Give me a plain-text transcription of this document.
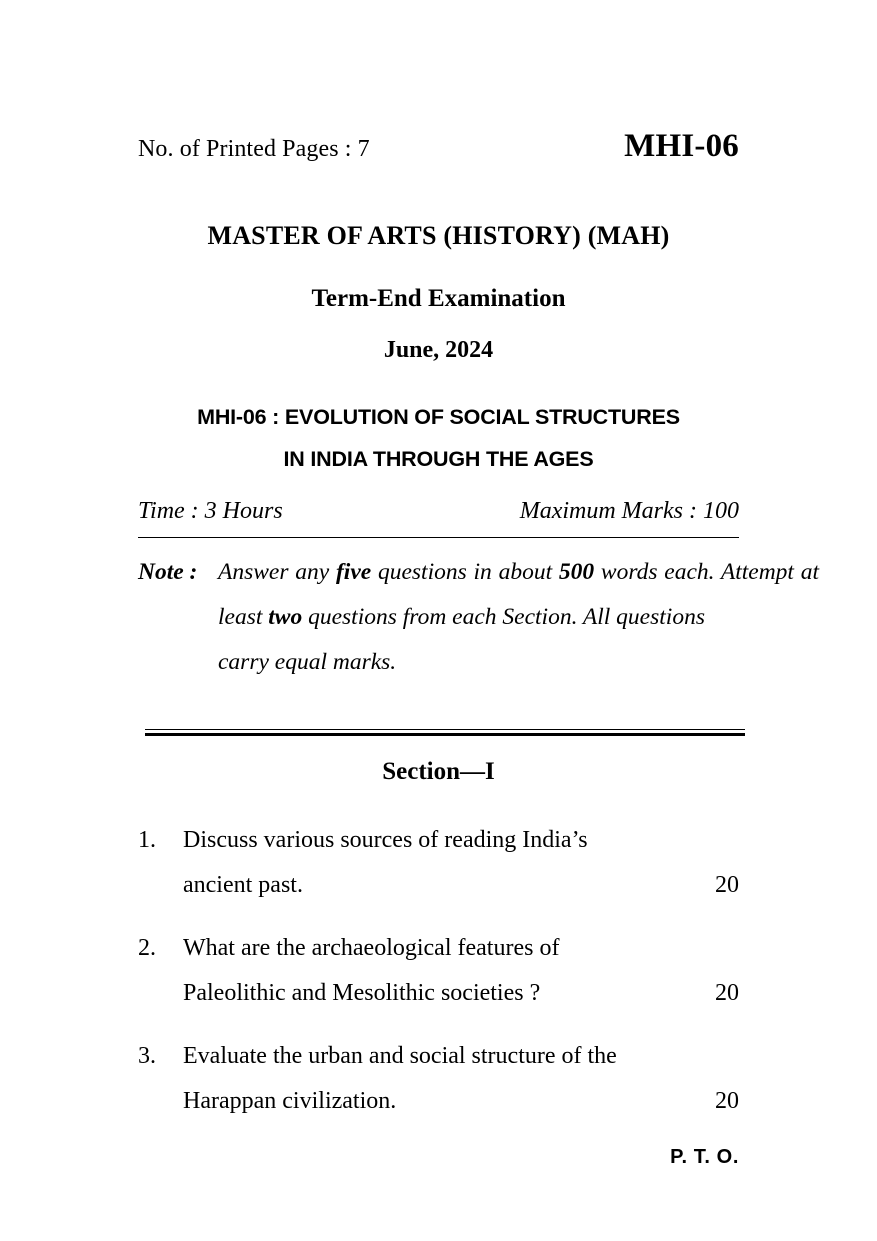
No. of Printed Pages : 7	MHI-06
MASTER OF ARTS (HISTORY) (MAH)
Term-End Examination
June, 2024
MHI-06 : EVOLUTION OF SOCIAL STRUCTURES
IN INDIA THROUGH THE AGES
Time : 3 Hours	Maximum Marks : 100
Note : Answer any five questions in about 500 words each. Attempt at least two questions from each Section. All questions
carry equal marks.
Section—I
1. Discuss various sources of reading India’s
ancient past.	20
2. What are the archaeological features of
Paleolithic and Mesolithic societies ?	20
3. Evaluate the urban and social structure of the
Harappan civilization.	20
P. T. O.
